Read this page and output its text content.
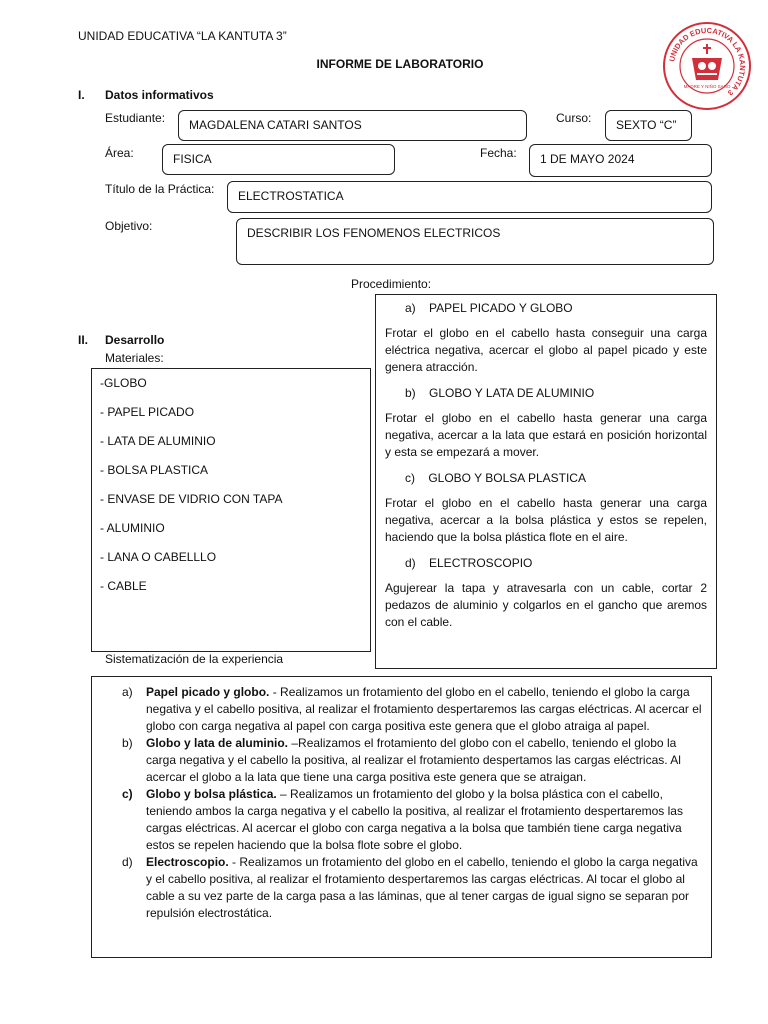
UNIDAD EDUCATIVA “LA KANTUTA 3”
INFORME DE LABORATORIO	UNIDAD EDUCATIVA LA KANTUTA 3
MADRE Y NIÑO SANO
I. Datos informativos
Estudiante: MAGDALENA CATARI SANTOS	Curso: SEXTO “C”
Área:	FISICA	Fecha: 1 DE MAYO 2024
Título de la Práctica: ELECTROSTATICA
Objetivo:	DESCRIBIR LOS FENOMENOS ELECTRICOS
Procedimiento:
a)    PAPEL PICADO Y GLOBO

Frotar el globo en el cabello hasta conseguir una carga eléctrica negativa, acercar el globo al papel picado y este genera atracción.

b)    GLOBO Y LATA DE ALUMINIO

Frotar el globo en el cabello hasta generar una carga negativa, acercar a la lata que estará en posición horizontal y esta se empezará a mover.

c)    GLOBO Y BOLSA PLASTICA

Frotar el globo en el cabello hasta generar una carga negativa, acercar a la bolsa plástica y estos se repelen, haciendo que la bolsa plástica flote en el aire.

d)    ELECTROSCOPIO

Agujerear la tapa y atravesarla con un cable, cortar 2 pedazos de aluminio y colgarlos en el gancho que aremos con el cable.

II. Desarrollo
Materiales:
-GLOBO
- PAPEL PICADO
- LATA DE ALUMINIO
- BOLSA PLASTICA
- ENVASE DE VIDRIO CON TAPA
- ALUMINIO
- LANA O CABELLLO
- CABLE
Sistematización de la experiencia
a)	Papel picado y globo. - Realizamos un frotamiento del globo en el cabello, teniendo el globo la carga negativa y el cabello positiva, al realizar el frotamiento despertaremos las cargas eléctricas. Al acercar el globo con carga negativa al papel con carga positiva este genera que el globo atraiga al papel.
b)	Globo y lata de aluminio. –Realizamos el frotamiento del globo con el cabello, teniendo el globo la carga negativa y el cabello la positiva, al realizar el frotamiento despertamos las cargas eléctricas. Al acercar el globo a la lata que tiene una carga positiva este genera que se atraigan.
c)	Globo y bolsa plástica. – Realizamos un frotamiento del globo y la bolsa plástica con el cabello, teniendo ambos la carga negativa y el cabello la positiva, al realizar el frotamiento despertaremos las cargas eléctricas. Al acercar el globo con carga negativa a la bolsa que también tiene carga negativa estos se repelen haciendo que la bolsa flote sobre el globo.
d)	Electroscopio. - Realizamos un frotamiento del globo en el cabello, teniendo el globo la carga negativa y el cabello positiva, al realizar el frotamiento despertaremos las cargas eléctricas. Al tocar el globo al cable a su vez parte de la carga pasa a las láminas, que al tener cargas de igual signo se separan por repulsión electrostática.
